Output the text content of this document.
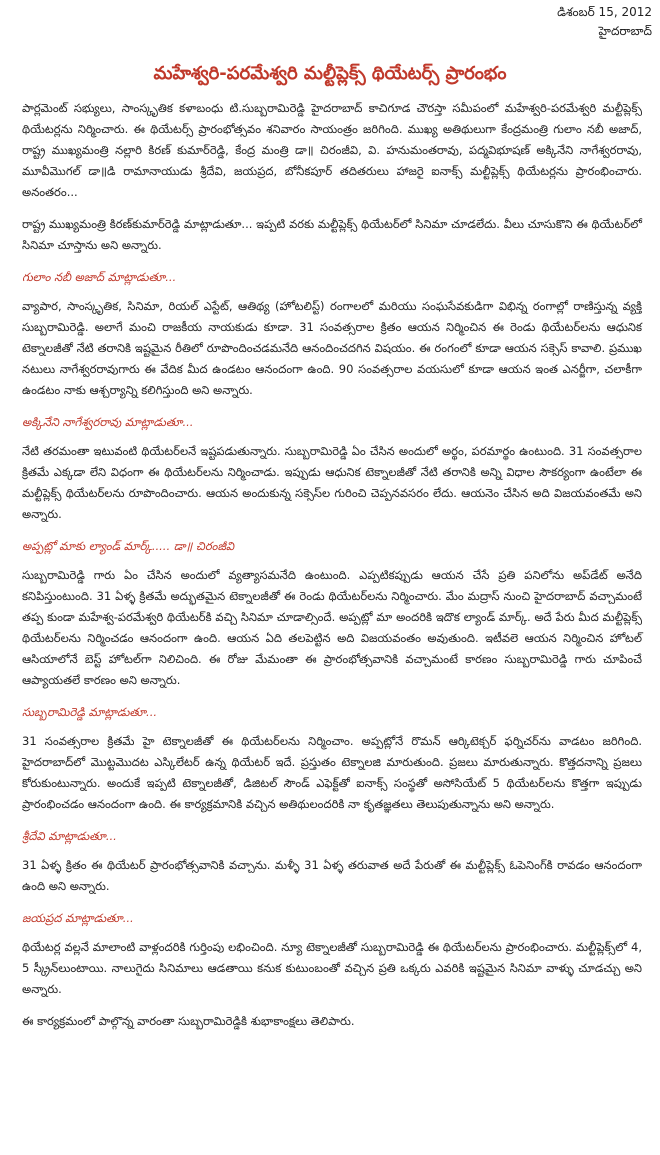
డిశంబర్ 15, 2012
హైదరాబాద్
మహేశ్వరి-పరమేశ్వరి మల్టీప్లెక్స్ థియేటర్స్ ప్రారంభం

పార్లమెంట్ సభ్యులు, సాంస్కృతిక కళాబంధు టి.సుబ్బరామిరెడ్డి హైదరాబాద్ కాచిగూడ చౌరస్తా సమీపంలో మహేశ్వరి-పరమేశ్వరి మల్టీప్లెక్స్ థియేటర్లను నిర్మించారు. ఈ థియేటర్స్ ప్రారంభోత్సవం శనివారం సాయంత్రం జరిగింది. ముఖ్య అతిథులుగా కేంద్రమంత్రి గులాం నబీ అజాద్, రాష్ట్ర ముఖ్యమంత్రి నల్లారి కిరణ్ కుమార్‌రెడ్డి, కేంద్ర మంత్రి డా॥ చిరంజీవి, వి. హనుమంతరావు, పద్మవిభూషణ్ అక్కినేని నాగేశ్వరరావు, మూవీమొగల్ డా॥డి రామానాయుడు శ్రీదేవి, జయప్రద, బోనీకపూర్ తదితరులు హాజరై ఐనాక్స్ మల్టీప్లెక్స్ థియేటర్లను ప్రారంభించారు. అనంతరం...

రాష్ట్ర ముఖ్యమంత్రి కిరణ్‌కుమార్‌రెడ్డి మాట్లాడుతూ... ఇప్పటి వరకు మల్టీప్లెక్స్ థియేటర్‌లో సినిమా చూడలేదు. వీలు చూసుకొని ఈ థియేటర్‌లో సినిమా చూస్తాను అని అన్నారు.

గులాం నబీ అజాద్ మాట్లాడుతూ...

వ్యాపార, సాంస్కృతిక, సినిమా, రియల్ ఎస్టేట్, ఆతిథ్య (హోటలిస్ట్) రంగాలలో మరియు సంఘసేవకుడిగా విభిన్న రంగాల్లో రాణిస్తున్న వ్యక్తి సుబ్బరామిరెడ్డి. అలాగే మంచి రాజకీయ నాయకుడు కూడా. 31 సంవత్సరాల క్రితం ఆయన నిర్మించిన ఈ రెండు థియేటర్‌లను ఆధునిక టెక్నాలజీతో నేటి తరానికి ఇష్టమైన రీతిలో రూపొందించడమనేది ఆనందించదగిన విషయం. ఈ రంగంలో కూడా ఆయన సక్సెస్ కావాలి. ప్రముఖ నటులు నాగేశ్వరరావుగారు ఈ వేదిక మీద ఉండటం ఆనందంగా ఉంది. 90 సంవత్సరాల వయసులో కూడా ఆయన ఇంత ఎనర్జీగా, చలాకీగా ఉండటం నాకు ఆశ్చర్యాన్ని కలిగిస్తుంది అని అన్నారు.

అక్కినేని నాగేశ్వరరావు మాట్లాడుతూ...

నేటి తరమంతా ఇటువంటి థియేటర్‌లనే ఇష్టపడుతున్నారు. సుబ్బరామిరెడ్డి ఏం చేసిన అందులో అర్థం, పరమార్థం ఉంటుంది. 31 సంవత్సరాల క్రితమే ఎక్కడా లేని విధంగా ఈ థియేటర్‌లను నిర్మించాడు. ఇప్పుడు ఆధునిక టెక్నాలజీతో నేటి తరానికి అన్ని విధాల సౌకర్యంగా ఉంటేలా ఈ మల్టీప్లెక్స్ థియేటర్‌లను రూపొందించారు. ఆయన అందుకున్న సక్సెస్‌ల గురించి చెప్పనవసరం లేదు. ఆయనెం చేసిన అది విజయవంతమే అని అన్నారు.

అప్పట్లో మాకు ల్యాండ్ మార్క్..... డా॥ చిరంజీవి

సుబ్బరామిరెడ్డి గారు ఏం చేసిన అందులో వ్యత్యాసమనేది ఉంటుంది. ఎప్పటికప్పుడు ఆయన చేసే ప్రతి పనిలోను అప్‌డేట్ అనేది కనిపిస్తుంటుంది. 31 ఏళ్ళ క్రితమే అద్భుతమైన టెక్నాలజీతో ఈ రెండు థియేటర్‌లను నిర్మించారు. మేం మద్రాస్ నుంచి హైదరాబాద్ వచ్చామంటే తప్ప కుండా మహేశ్వ-పరమేశ్వరి థియేటర్‌కి వచ్చి సినిమా చూడాల్సిందే. అప్పట్లో మా అందరికి ఇదొక ల్యాండ్ మార్క్. అదే పేరు మీద మల్టీప్లెక్స్ థియేటర్‌లను నిర్మించడం ఆనందంగా ఉంది. ఆయన ఏది తలపెట్టిన అది విజయవంతం అవుతుంది. ఇటీవలె ఆయన నిర్మించిన హోటల్ ఆసియాలోనే బెస్ట్ హోటల్‌గా నిలిచింది. ఈ రోజు మేమంతా ఈ ప్రారంభోత్సవానికి వచ్చామంటే కారణం సుబ్బరామిరెడ్డి గారు చూపించే ఆప్యాయతలే కారణం అని అన్నారు.

సుబ్బరామిరెడ్డి మాట్లాడుతూ...

31 సంవత్సరాల క్రితమే హై టెక్నాలజీతో ఈ థియేటర్‌లను నిర్మించాం. అప్పట్లోనే రొమన్ ఆర్కిటెక్చర్ ఫర్నిచర్‌ను వాడటం జరిగింది. హైదరాబాద్‌లో మొట్టమొదట ఎస్కిలేటర్ ఉన్న థియేటర్ ఇదే. ప్రస్తుతం టెక్నాలజి మారుతుంది. ప్రజలు మారుతున్నారు. కొత్తదనాన్ని ప్రజలు కోరుకుంటున్నారు. అందుకే ఇప్పటి టెక్నాలజీతో, డిజిటల్ సౌండ్ ఎఫెక్ట్‌తో ఐనాక్స్ సంస్థతో అసోసియేట్ 5 థియేటర్‌లను కొత్తగా ఇప్పుడు ప్రారంభించడం ఆనందంగా ఉంది. ఈ కార్యక్రమానికి వచ్చిన అతిథులందరికి నా కృతజ్ఞతలు తెలుపుతున్నాను అని అన్నారు.

శ్రీదేవి మాట్లాడుతూ...

31 ఏళ్ళ క్రితం ఈ థియేటర్ ప్రారంభోత్సవానికి వచ్చాను. మళ్ళీ 31 ఏళ్ళ తరువాత అదే పేరుతో ఈ మల్టీప్లెక్స్ ఓపెనింగ్‌కి రావడం ఆనందంగా ఉంది అని అన్నారు.

జయప్రద మాట్లాడుతూ...

థియేటర్ల వల్లనే మాలాంటి వాళ్లందరికి గుర్తింపు లభించింది. న్యూ టెక్నాలజీతో సుబ్బరామిరెడ్డి ఈ థియేటర్‌లను ప్రారంభించారు. మల్టీప్లెక్స్‌లో 4, 5 స్క్రీన్‌లుంటాయి. నాలుగైదు సినిమాలు ఆడతాయి కనుక కుటుంబంతో వచ్చిన ప్రతి ఒక్కరు ఎవరికి ఇష్టమైన సినిమా వాళ్ళు చూడచ్చు అని అన్నారు.

ఈ కార్యక్రమంలో పాల్గొన్న వారంతా సుబ్బరామిరెడ్డికి శుభాకాంక్షలు తెలిపారు.
